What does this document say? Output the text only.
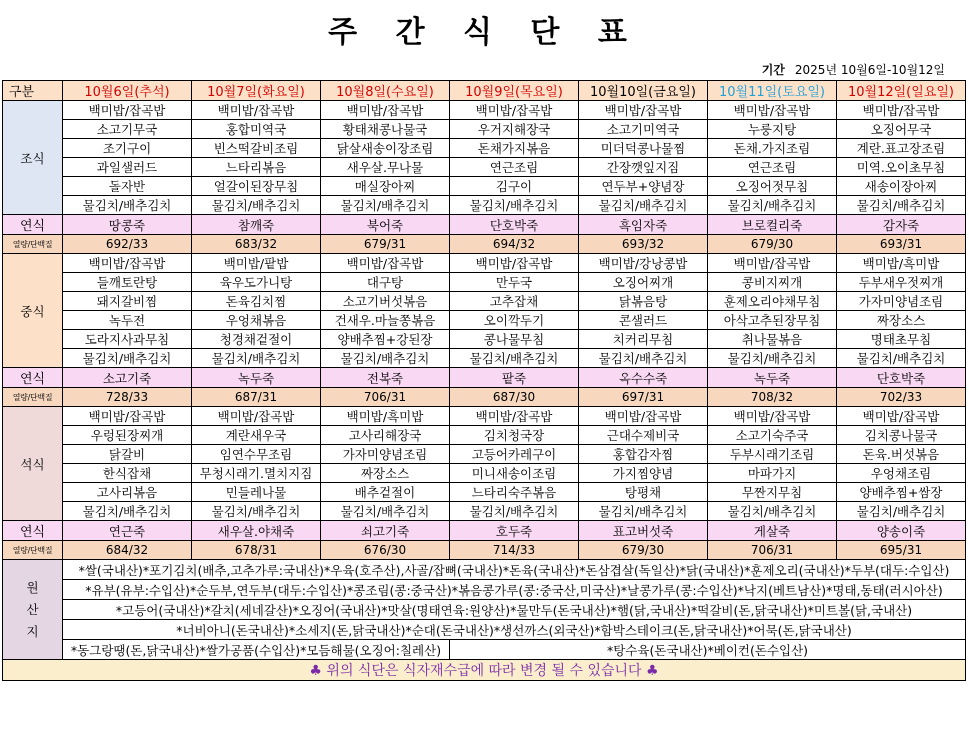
주 간 식 단 표
기간 2025년 10월6일-10월12일
구분	10월6일(추석)	10월7일(화요일)	10월8일(수요일)	10월9일(목요일)	10월10일(금요일)	10월11일(토요일)	10월12일(일요일)
조식	백미밥/잡곡밥	백미밥/잡곡밥	백미밥/잡곡밥	백미밥/잡곡밥	백미밥/잡곡밥	백미밥/잡곡밥	백미밥/잡곡밥
	소고기무국	홍합미역국	황태채콩나물국	우거지해장국	소고기미역국	누룽지탕	오징어무국
	조기구이	빈스떡갈비조림	닭살새송이장조림	돈채가지볶음	미더덕콩나물찜	돈채.가지조림	계란.표고장조림
	과일샐러드	느타리볶음	새우살.무나물	연근조림	간장깻잎지짐	연근조림	미역.오이초무침
	돌자반	얼갈이된장무침	매실장아찌	김구이	연두부+양념장	오징어젓무침	새송이장아찌
	물김치/배추김치	물김치/배추김치	물김치/배추김치	물김치/배추김치	물김치/배추김치	물김치/배추김치	물김치/배추김치
연식	땅콩죽	참깨죽	북어죽	단호박죽	흑임자죽	브로컬리죽	감자죽
열량/단백질	692/33	683/32	679/31	694/32	693/32	679/30	693/31
중식	백미밥/잡곡밥	백미밥/팥밥	백미밥/잡곡밥	백미밥/잡곡밥	백미밥/강낭콩밥	백미밥/잡곡밥	백미밥/흑미밥
	들깨토란탕	육우도가니탕	대구탕	만두국	오징어찌개	콩비지찌개	두부새우젓찌개
	돼지갈비찜	돈육김치찜	소고기버섯볶음	고추잡채	닭볶음탕	훈제오리야채무침	가자미양념조림
	녹두전	우엉채볶음	건새우.마늘쫑볶음	오이깍두기	콘샐러드	아삭고추된장무침	짜장소스
	도라지사과무침	청경채겉절이	양배추찜+강된장	콩나물무침	치커리무침	취나물볶음	명태초무침
	물김치/배추김치	물김치/배추김치	물김치/배추김치	물김치/배추김치	물김치/배추김치	물김치/배추김치	물김치/배추김치
연식	소고기죽	녹두죽	전복죽	팥죽	옥수수죽	녹두죽	단호박죽
열량/단백질	728/33	687/31	706/31	687/30	697/31	708/32	702/33
석식	백미밥/잡곡밥	백미밥/잡곡밥	백미밥/흑미밥	백미밥/잡곡밥	백미밥/잡곡밥	백미밥/잡곡밥	백미밥/잡곡밥
	우렁된장찌개	계란새우국	고사리해장국	김치청국장	근대수제비국	소고기숙주국	김치콩나물국
	닭갈비	임연수무조림	가자미양념조림	고등어카레구이	홍합감자찜	두부시래기조림	돈육.버섯볶음
	한식잡채	무청시래기.멸치지짐	짜장소스	미니새송이조림	가지찜양념	마파가지	우엉채조림
	고사리볶음	민들레나물	배추겉절이	느타리숙주볶음	탕평채	무짠지무침	양배추찜+쌈장
	물김치/배추김치	물김치/배추김치	물김치/배추김치	물김치/배추김치	물김치/배추김치	물김치/배추김치	물김치/배추김치
연식	연근죽	새우살.야채죽	쇠고기죽	호두죽	표고버섯죽	게살죽	양송이죽
열량/단백질	684/32	678/31	676/30	714/33	679/30	706/31	695/31
원
산
지	*쌀(국내산)*포기김치(배추,고추가루:국내산)*우육(호주산),사골/잡뼈(국내산)*돈육(국내산)*돈삼겹살(독일산)*닭(국내산)*훈제오리(국내산)*두부(대두:수입산)						
	*유부(유부:수입산)*순두부,연두부(대두:수입산)*콩조림(콩:중국산)*볶음콩가루(콩:중국산,미국산)*날콩가루(콩:수입산)*낙지(베트남산)*명태,동태(러시아산)						
	*고등어(국내산)*갈치(세네갈산)*오징어(국내산)*맛살(명태연육:원양산)*물만두(돈국내산)*햄(닭,국내산)*떡갈비(돈,닭국내산)*미트볼(닭,국내산)						
	*너비아니(돈국내산)*소세지(돈,닭국내산)*순대(돈국내산)*생선까스(외국산)*함박스테이크(돈,닭국내산)*어묵(돈,닭국내산)						
	*동그랑땡(돈,닭국내산)*쌀가공품(수입산)*모듬해물(오징어:칠레산)			*탕수육(돈국내산)*베이컨(돈수입산)			
♣ 위의 식단은 식자재수급에 따라 변경 될 수 있습니다 ♣							
